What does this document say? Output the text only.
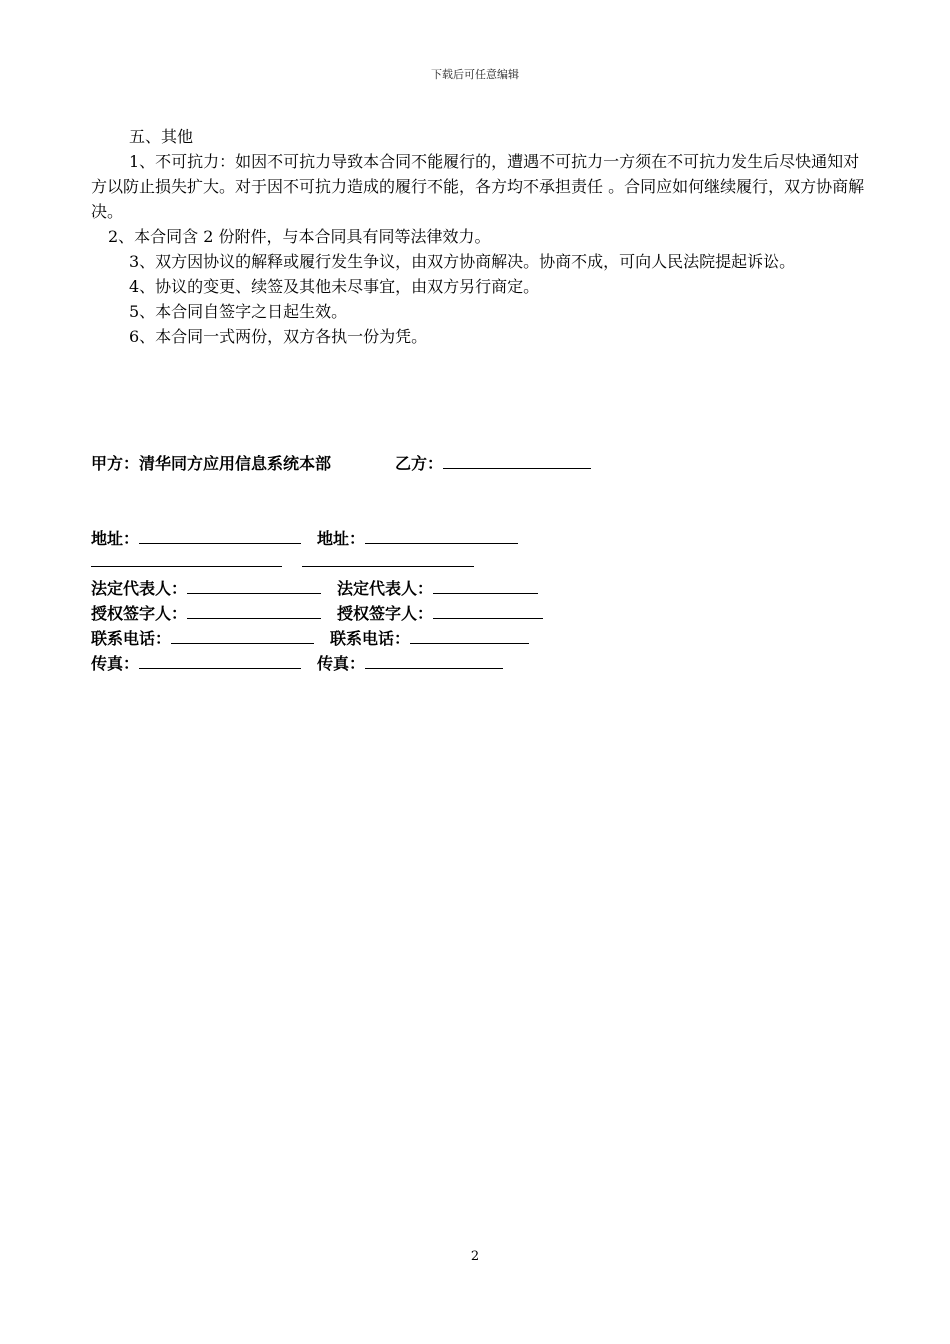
下载后可任意编辑

五、其他

1、不可抗力：如因不可抗力导致本合同不能履行的，遭遇不可抗力一方须在不可抗力发生后尽快通知对方以防止损失扩大。对于因不可抗力造成的履行不能，各方均不承担责任 。合同应如何继续履行，双方协商解决。

2、本合同含 2 份附件，与本合同具有同等法律效力。

3、双方因协议的解释或履行发生争议，由双方协商解决。协商不成，可向人民法院提起诉讼。

4、协议的变更、续签及其他未尽事宜，由双方另行商定。

5、本合同自签字之日起生效。

6、本合同一式两份，双方各执一份为凭。

甲方：清华同方应用信息系统本部	乙方：
地址：	地址：
法定代表人：	法定代表人：
授权签字人：	授权签字人：
联系电话：	联系电话：
传真：	传真：
2
